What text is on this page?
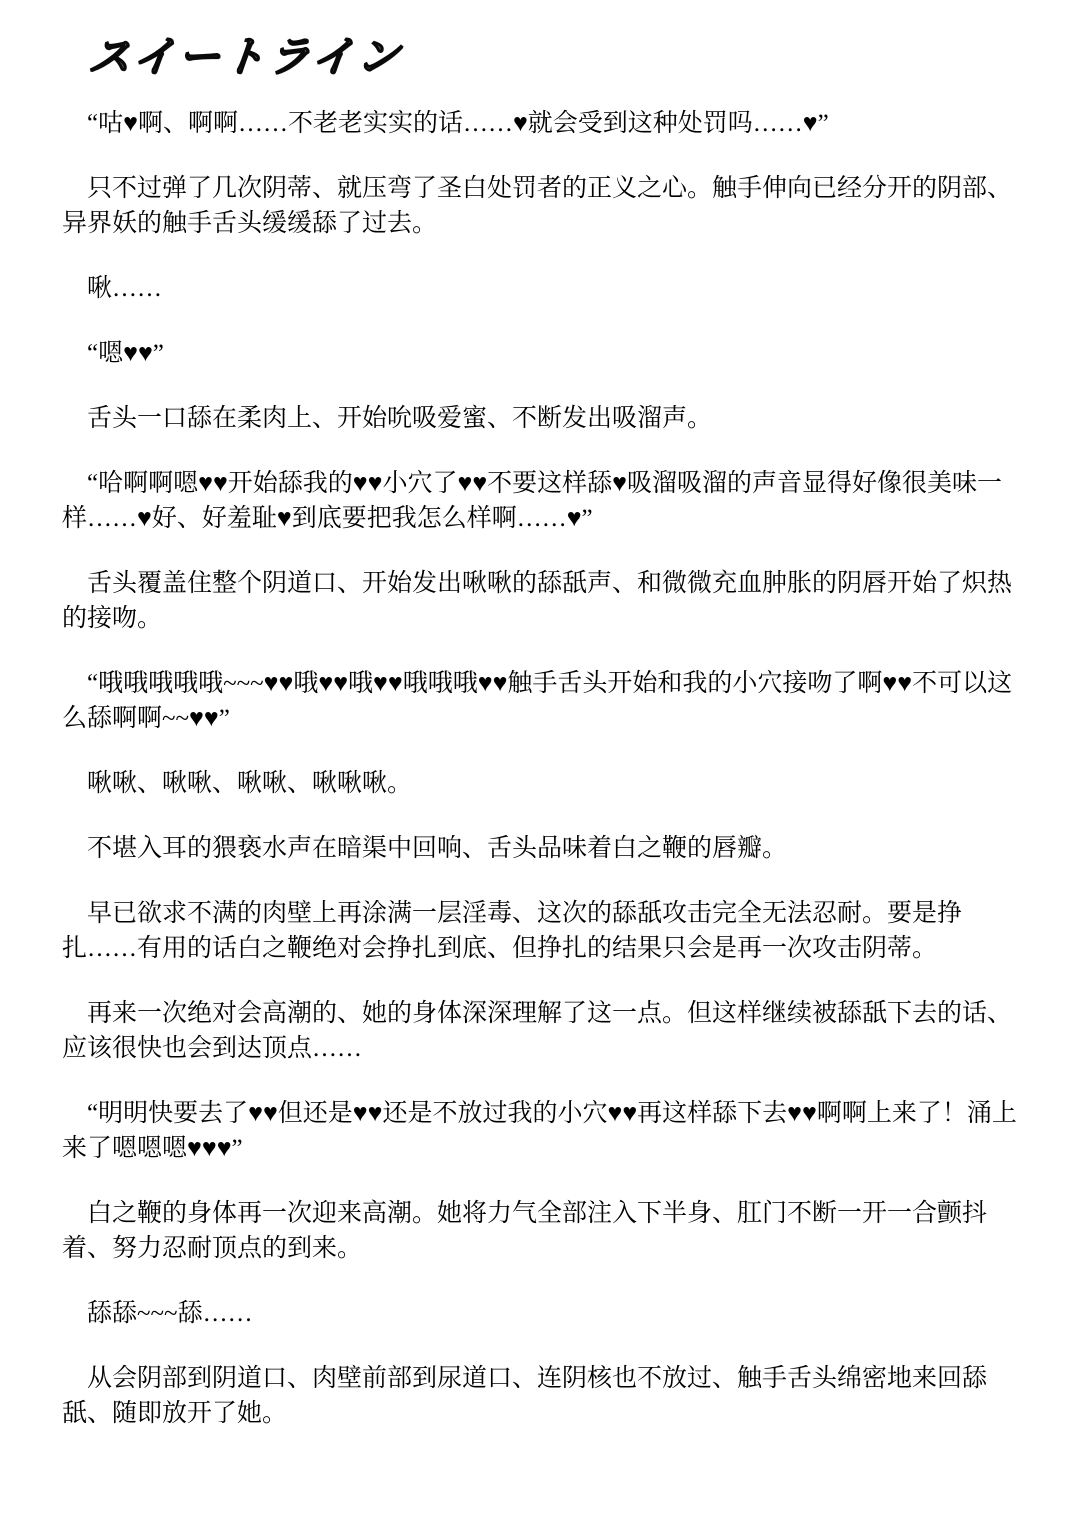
スイートライン

“咕♥啊、啊啊……不老老实实的话……♥就会受到这种处罚吗……♥”

只不过弹了几次阴蒂、就压弯了圣白处罚者的正义之心。触手伸向已经分开的阴部、异界妖的触手舌头缓缓舔了过去。

啾……

“嗯♥♥”

舌头一口舔在柔肉上、开始吮吸爱蜜、不断发出吸溜声。

“哈啊啊嗯♥♥开始舔我的♥♥小穴了♥♥不要这样舔♥吸溜吸溜的声音显得好像很美味一样……♥好、好羞耻♥到底要把我怎么样啊……♥”

舌头覆盖住整个阴道口、开始发出啾啾的舔舐声、和微微充血肿胀的阴唇开始了炽热的接吻。

“哦哦哦哦哦~~~♥♥哦♥♥哦♥♥哦哦哦♥♥触手舌头开始和我的小穴接吻了啊♥♥不可以这么舔啊啊~~♥♥”

啾啾、啾啾、啾啾、啾啾啾。

不堪入耳的猥亵水声在暗渠中回响、舌头品味着白之鞭的唇瓣。

早已欲求不满的肉壁上再涂满一层淫毒、这次的舔舐攻击完全无法忍耐。要是挣扎……有用的话白之鞭绝对会挣扎到底、但挣扎的结果只会是再一次攻击阴蒂。

再来一次绝对会高潮的、她的身体深深理解了这一点。但这样继续被舔舐下去的话、应该很快也会到达顶点……

“明明快要去了♥♥但还是♥♥还是不放过我的小穴♥♥再这样舔下去♥♥啊啊上来了！涌上来了嗯嗯嗯♥♥♥”

白之鞭的身体再一次迎来高潮。她将力气全部注入下半身、肛门不断一开一合颤抖着、努力忍耐顶点的到来。

舔舔~~~舔……

从会阴部到阴道口、肉壁前部到尿道口、连阴核也不放过、触手舌头绵密地来回舔舐、随即放开了她。
